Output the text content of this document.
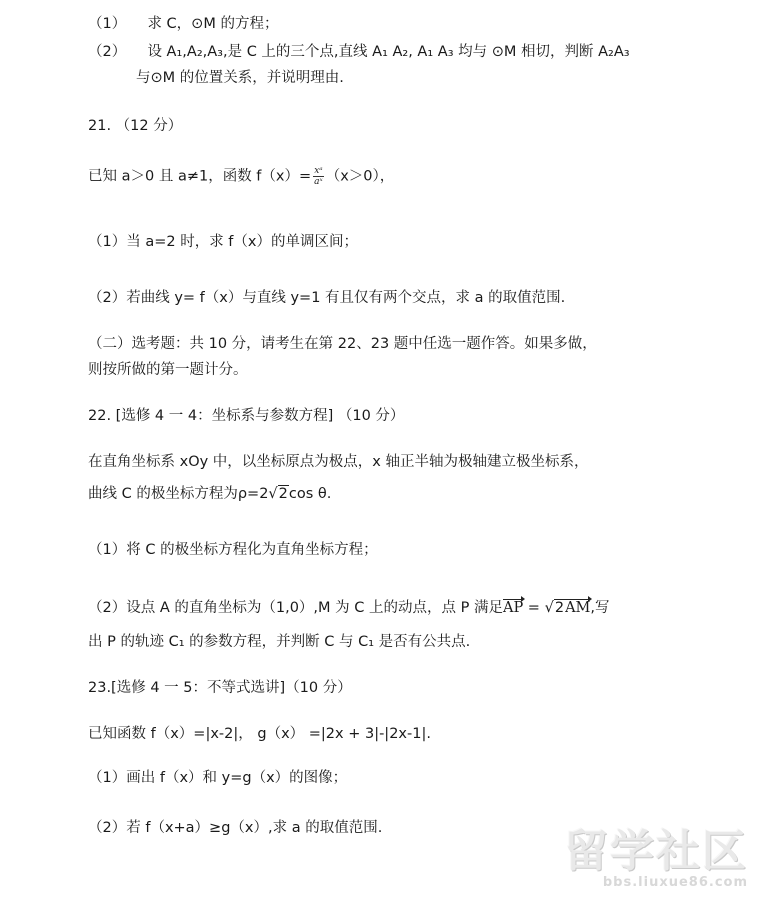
（1） 求 C，⊙M 的方程；
（2） 设 A₁,A₂,A₃,是 C 上的三个点,直线 A₁ A₂, A₁ A₃ 均与 ⊙M 相切，判断 A₂A₃
与⊙M 的位置关系，并说明理由.
21. （12 分）
已知 a＞0 且 a≠1，函数 $f(x)= \frac{\text{xᵃ}}{\text{aˣ}} (x>0)$，
（1）当 a=2 时，求 f（x）的单调区间；
（2）若曲线 y= f（x）与直线 y=1 有且仅有两个交点，求 a 的取值范围.
（二）选考题：共 10 分，请考生在第 22、23 题中任选一题作答。如果多做，
则按所做的第一题计分。
22. [选修 4 一 4：坐标系与参数方程] （10 分）
在直角坐标系 xOy 中，以坐标原点为极点，x 轴正半轴为极轴建立极坐标系，
曲线 C 的极坐标方程为ρ=2√2cos θ.
（1）将 C 的极坐标方程化为直角坐标方程；
（2）设点 A 的直角坐标为（1,0）,M 为 C 上的动点，点 P 满足AP = √2AM,写
出 P 的轨迹 C₁ 的参数方程，并判断 C 与 C₁ 是否有公共点.
23.[选修 4 一 5：不等式选讲]（10 分）
已知函数 f（x）=|x-2|， g（x） =|2x + 3|-|2x-1|.
（1）画出 f（x）和 y=g（x）的图像；
（2）若 f（x+a）≥g（x）,求 a 的取值范围.	留学社区
bbs.liuxue86.com
